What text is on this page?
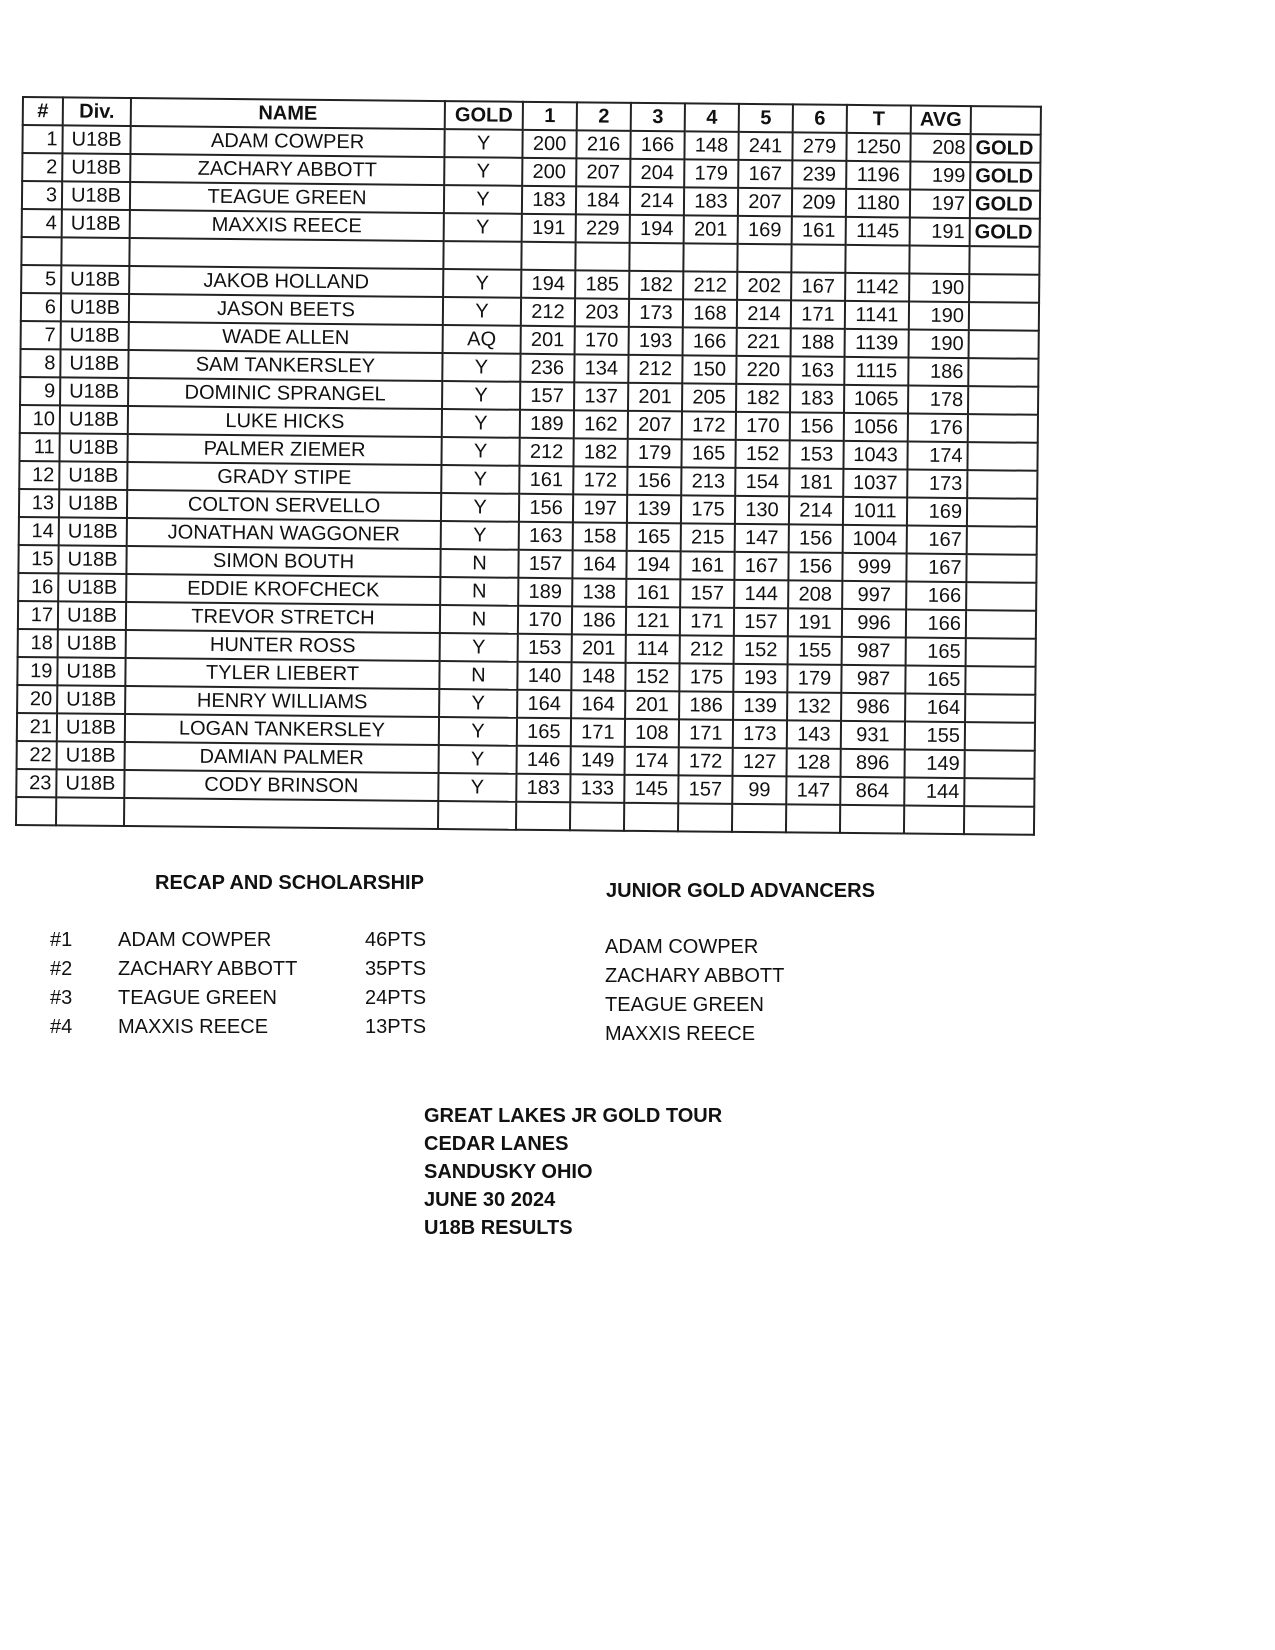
#	Div.	NAME	GOLD	1	2	3	4	5	6	T	AVG	
1	U18B	ADAM COWPER	Y	200	216	166	148	241	279	1250	208	GOLD
2	U18B	ZACHARY ABBOTT	Y	200	207	204	179	167	239	1196	199	GOLD
3	U18B	TEAGUE GREEN	Y	183	184	214	183	207	209	1180	197	GOLD
4	U18B	MAXXIS REECE	Y	191	229	194	201	169	161	1145	191	GOLD

5	U18B	JAKOB HOLLAND	Y	194	185	182	212	202	167	1142	190	
6	U18B	JASON BEETS	Y	212	203	173	168	214	171	1141	190	
7	U18B	WADE ALLEN	AQ	201	170	193	166	221	188	1139	190	
8	U18B	SAM TANKERSLEY	Y	236	134	212	150	220	163	1115	186	
9	U18B	DOMINIC SPRANGEL	Y	157	137	201	205	182	183	1065	178	
10	U18B	LUKE HICKS	Y	189	162	207	172	170	156	1056	176	
11	U18B	PALMER ZIEMER	Y	212	182	179	165	152	153	1043	174	
12	U18B	GRADY STIPE	Y	161	172	156	213	154	181	1037	173	
13	U18B	COLTON SERVELLO	Y	156	197	139	175	130	214	1011	169	
14	U18B	JONATHAN WAGGONER	Y	163	158	165	215	147	156	1004	167	
15	U18B	SIMON BOUTH	N	157	164	194	161	167	156	999	167	
16	U18B	EDDIE KROFCHECK	N	189	138	161	157	144	208	997	166	
17	U18B	TREVOR STRETCH	N	170	186	121	171	157	191	996	166	
18	U18B	HUNTER ROSS	Y	153	201	114	212	152	155	987	165	
19	U18B	TYLER LIEBERT	N	140	148	152	175	193	179	987	165	
20	U18B	HENRY WILLIAMS	Y	164	164	201	186	139	132	986	164	
21	U18B	LOGAN TANKERSLEY	Y	165	171	108	171	173	143	931	155	
22	U18B	DAMIAN PALMER	Y	146	149	174	172	127	128	896	149	
23	U18B	CODY BRINSON	Y	183	133	145	157	99	147	864	144	

RECAP AND SCHOLARSHIP
#1 ADAM COWPER	46PTS
#2 ZACHARY ABBOTT	35PTS
#3 TEAGUE GREEN	24PTS
#4 MAXXIS REECE	13PTS
JUNIOR GOLD ADVANCERS
ADAM COWPER
ZACHARY ABBOTT
TEAGUE GREEN
MAXXIS REECE
GREAT LAKES JR GOLD TOUR
CEDAR LANES
SANDUSKY OHIO
JUNE 30 2024
U18B RESULTS
